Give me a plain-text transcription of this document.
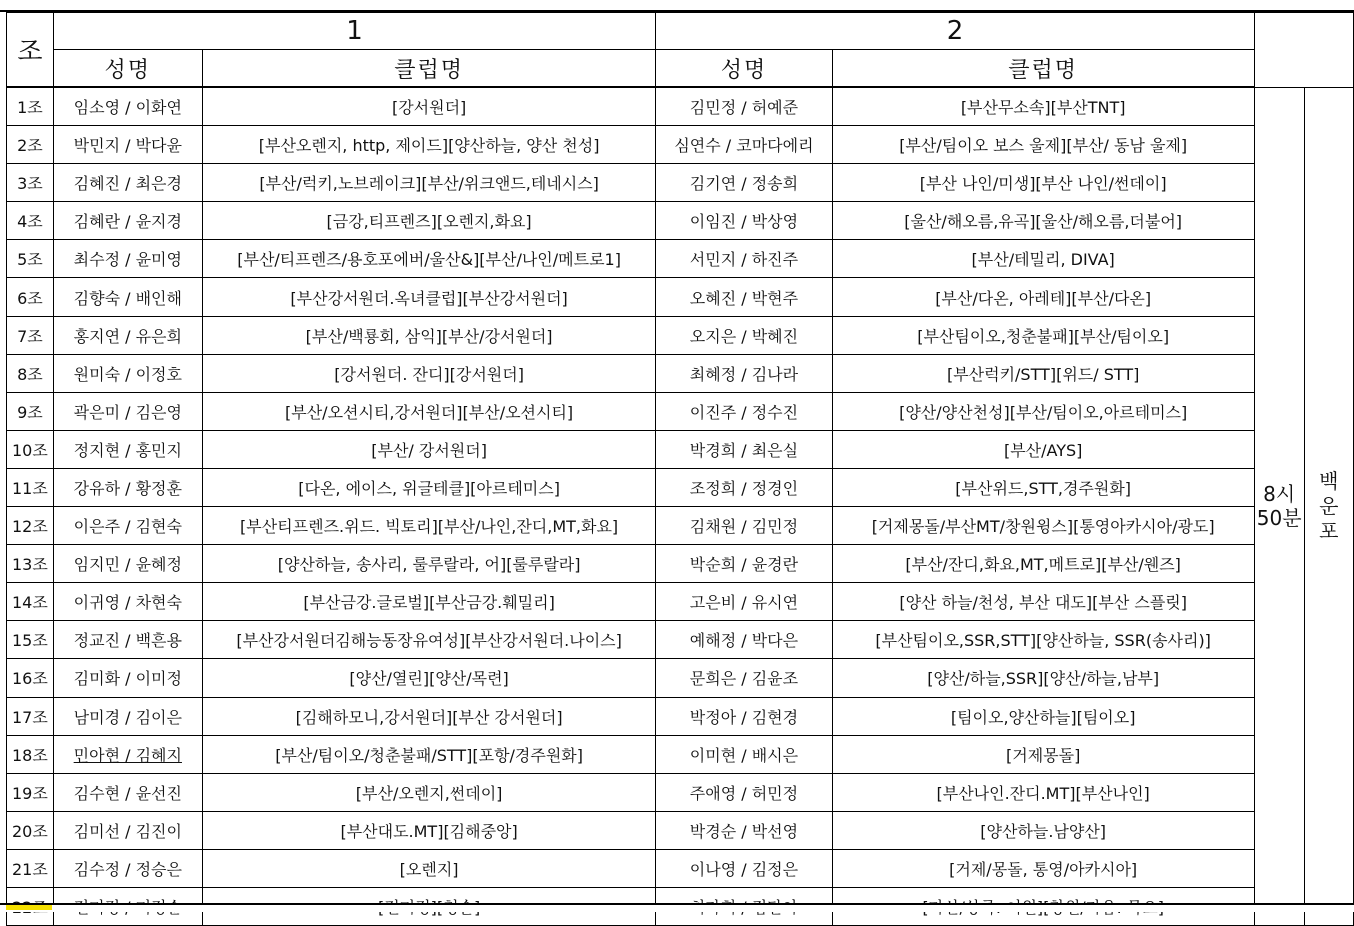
조	1		2			
	성명	클럽명	성명	클럽명		
1조	임소영 / 이화연	[강서원더]	김민정 / 허예준	[부산무소속][부산TNT]	8시 50분	백운포

2조	박민지 / 박다윤	[부산오렌지, http, 제이드][양산하늘, 양산 천성]	심연수 / 코마다에리	[부산/팀이오 보스 울제][부산/ 동남 울제]		
3조	김혜진 / 최은경	[부산/럭키,노브레이크][부산/위크앤드,테네시스]	김기연 / 정송희	[부산 나인/미생][부산 나인/썬데이]		
4조	김혜란 / 윤지경	[금강,티프렌즈][오렌지,화요]	이임진 / 박상영	[울산/해오름,유곡][울산/해오름,더불어]		
5조	최수정 / 윤미영	[부산/티프렌즈/용호포에버/울산&][부산/나인/메트로1]	서민지 / 하진주	[부산/테밀리, DIVA]		
6조	김향숙 / 배인해	[부산강서원더.옥녀클럽][부산강서원더]	오혜진 / 박현주	[부산/다온, 아레테][부산/다온]		
7조	홍지연 / 유은희	[부산/백룡회, 삼익][부산/강서원더]	오지은 / 박혜진	[부산팀이오,청춘불패][부산/팀이오]		
8조	원미숙 / 이정호	[강서원더. 잔디][강서원더]	최혜정 / 김나라	[부산럭키/STT][위드/ STT]		
9조	곽은미 / 김은영	[부산/오션시티,강서원더][부산/오션시티]	이진주 / 정수진	[양산/양산천성][부산/팀이오,아르테미스]		
10조	정지현 / 홍민지	[부산/ 강서원더]	박경희 / 최은실	[부산/AYS]		
11조	강유하 / 황정훈	[다온, 에이스, 위글테클][아르테미스]	조정희 / 정경인	[부산위드,STT,경주원화]		
12조	이은주 / 김현숙	[부산티프렌즈.위드. 빅토리][부산/나인,잔디,MT,화요]	김채원 / 김민정	[거제몽돌/부산MT/창원윙스][통영아카시아/광도]		
13조	임지민 / 윤혜정	[양산하늘, 송사리, 룰루랄라, 어][룰루랄라]	박순희 / 윤경란	[부산/잔디,화요,MT,메트로][부산/웬즈]		
14조	이귀영 / 차현숙	[부산금강.글로벌][부산금강.훼밀리]	고은비 / 유시연	[양산 하늘/천성, 부산 대도][부산 스플릿]		
15조	정교진 / 백흔용	[부산강서원더김해능동장유여성][부산강서원더.나이스]	예해정 / 박다은	[부산팀이오,SSR,STT][양산하늘, SSR(송사리)]		
16조	김미화 / 이미정	[양산/열린][양산/목련]	문희은 / 김윤조	[양산/하늘,SSR][양산/하늘,남부]		
17조	남미경 / 김이은	[김해하모니,강서원더][부산 강서원더]	박정아 / 김현경	[팀이오,양산하늘][팀이오]		
18조	민아현 / 김혜지	[부산/팀이오/청춘불패/STT][포항/경주원화]	이미현 / 배시은	[거제몽돌]		
19조	김수현 / 윤선진	[부산/오렌지,썬데이]	주애영 / 허민정	[부산나인.잔디.MT][부산나인]		
20조	김미선 / 김진이	[부산대도.MT][김해중앙]	박경순 / 박선영	[양산하늘.남양산]		
21조	김수정 / 정승은	[오렌지]	이나영 / 김정은	[거제/몽돌, 통영/아카시아]		
